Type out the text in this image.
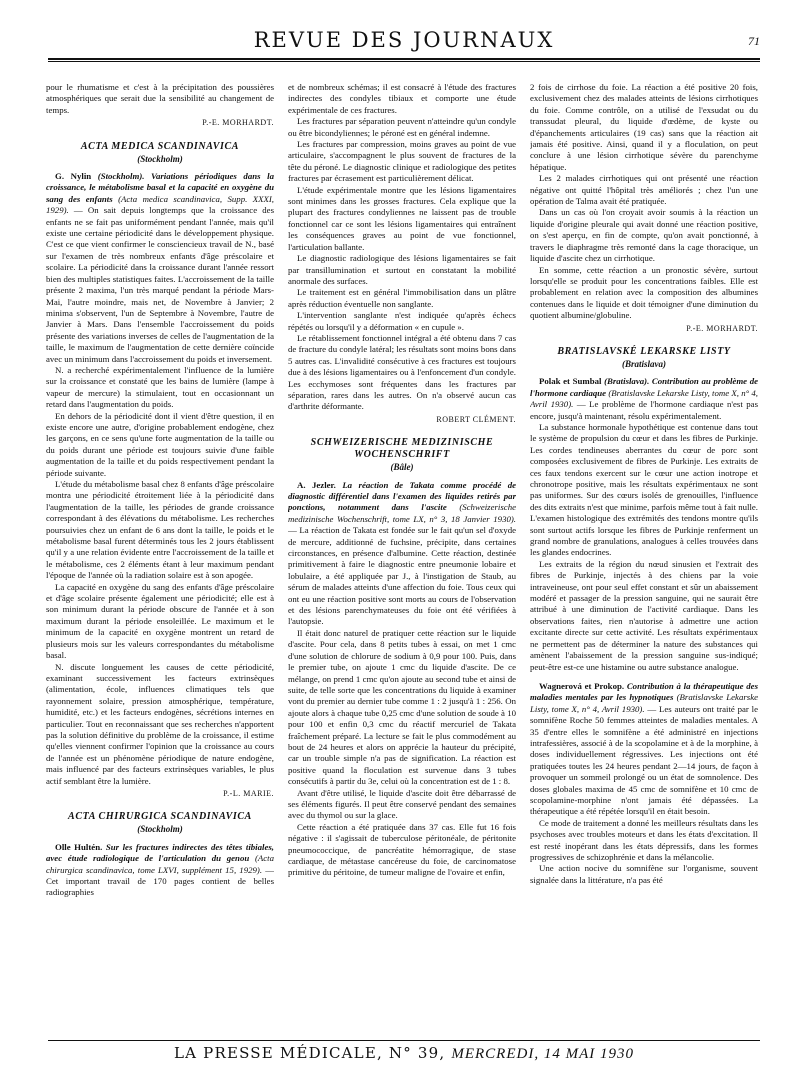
REVUE DES JOURNAUX	71

pour le rhumatisme et c'est à la précipitation des poussières atmosphériques que serait due la sensibilité au changement de temps.

P.-E. MORHARDT.
ACTA MEDICA SCANDINAVICA
(Stockholm)

G. Nylin (Stockholm). Variations périodiques dans la croissance, le métabolisme basal et la capacité en oxygène du sang des enfants (Acta medica scandinavica, Supp. XXXI, 1929). — On sait depuis longtemps que la croissance des enfants ne se fait pas uniformément pendant l'année, mais qu'il existe une certaine périodicité dans le développement physique. C'est ce que vient confirmer le consciencieux travail de N., basé sur l'examen de très nombreux enfants d'âge préscolaire et scolaire. La périodicité dans la croissance durant l'année ressort bien des multiples statistiques faites. L'accroissement de la taille présente 2 maxima, l'un très marqué pendant la période Mars-Mai, l'autre moindre, mais net, de Novembre à Janvier; 2 minima s'observent, l'un de Septembre à Novembre, l'autre de Janvier à Mars. Dans l'ensemble l'accroissement du poids présente des variations inverses de celles de l'augmentation de la taille, le maximum de l'augmentation de cette dernière coïncide avec un minimum dans l'accroissement du poids et inversement.

N. a recherché expérimentalement l'influence de la lumière sur la croissance et constaté que les bains de lumière (lampe à vapeur de mercure) la stimulaient, tout en occasionnant un retard dans l'augmentation du poids.

En dehors de la périodicité dont il vient d'être question, il en existe encore une autre, d'origine probablement endogène, chez les garçons, en ce sens qu'une forte augmentation de la taille ou du poids durant une période est toujours suivie d'une faible augmentation de la taille et du poids respectivement pendant la période suivante.

L'étude du métabolisme basal chez 8 enfants d'âge préscolaire montra une périodicité étroitement liée à la périodicité dans l'augmentation de la taille, les périodes de grande croissance correspondant à des élévations du métabolisme. Les recherches poursuivies chez un enfant de 6 ans dont la taille, le poids et le métabolisme basal furent déterminés tous les 2 jours établissent qu'il y a une relation évidente entre l'accroissement de la taille et le métabolisme, ces 2 éléments étant à leur maximum pendant l'époque de l'année où la radiation solaire est à son apogée.

La capacité en oxygène du sang des enfants d'âge préscolaire et d'âge scolaire présente également une périodicité; elle est à son minimum durant la période obscure de l'année et à son maximum durant la période ensoleillée. Le maximum et le minimum de la capacité en oxygène montrent un retard de plusieurs mois sur les valeurs correspondantes du métabolisme basal.

N. discute longuement les causes de cette périodicité, examinant successivement les facteurs extrinsèques (alimentation, école, influences climatiques tels que rayonnement solaire, pression atmosphérique, température, humidité, etc.) et les facteurs endogènes, sécrétions internes en particulier. Tout en reconnaissant que ses recherches n'apportent pas la solution définitive du problème de la croissance, il estime qu'elles viennent confirmer l'opinion que la croissance au cours de l'année est un phénomène périodique de nature endogène, mais influencé par des facteurs extrinsèques variables, le plus actif semblant être la lumière.

P.-L. MARIE.
ACTA CHIRURGICA SCANDINAVICA
(Stockholm)

Olle Hultén. Sur les fractures indirectes des têtes tibiales, avec étude radiologique de l'articulation du genou (Acta chirurgica scandinavica, tome LXVI, supplément 15, 1929). — Cet important travail de 170 pages contient de belles radiographies

et de nombreux schémas; il est consacré à l'étude des fractures indirectes des condyles tibiaux et comporte une étude expérimentale de ces fractures.

Les fractures par séparation peuvent n'atteindre qu'un condyle ou être bicondyliennes; le péroné est en général indemne.

Les fractures par compression, moins graves au point de vue articulaire, s'accompagnent le plus souvent de fractures de la tête du péroné. Le diagnostic clinique et radiologique des petites fractures par écrasement est particulièrement délicat.

L'étude expérimentale montre que les lésions ligamentaires sont minimes dans les grosses fractures. Cela explique que la plupart des fractures condyliennes ne laissent pas de trouble fonctionnel car ce sont les lésions ligamentaires qui entraînent les conséquences graves au point de vue fonctionnel, l'articulation ballante.

Le diagnostic radiologique des lésions ligamentaires se fait par transillumination et surtout en constatant la mobilité anormale des surfaces.

Le traitement est en général l'immobilisation dans un plâtre après réduction éventuelle non sanglante.

L'intervention sanglante n'est indiquée qu'après échecs répétés ou lorsqu'il y a déformation « en cupule ».

Le rétablissement fonctionnel intégral a été obtenu dans 7 cas de fracture du condyle latéral; les résultats sont moins bons dans 5 autres cas. L'invalidité consécutive à ces fractures est toujours due à des lésions ligamentaires ou à l'enfoncement d'un condyle. Les ecchymoses sont fréquentes dans les fractures par séparation, rares dans les autres. On n'a observé aucun cas d'arthrite déformante.

ROBERT CLÉMENT.
SCHWEIZERISCHE MEDIZINISCHE WOCHENSCHRIFT
(Bâle)

A. Jezler. La réaction de Takata comme procédé de diagnostic différentiel dans l'examen des liquides retirés par ponctions, notamment dans l'ascite (Schweizerische medizinische Wochenschrift, tome LX, n° 3, 18 Janvier 1930). — La réaction de Takata est fondée sur le fait qu'un sel d'oxyde de mercure, additionné de fuchsine, précipite, dans certaines circonstances, en présence d'albumine. Cette réaction, destinée primitivement à faire le diagnostic entre pneumonie lobaire et lobulaire, a été appliquée par J., à l'instigation de Staub, au sérum de malades atteints d'une affection du foie. Tous ceux qui ont eu une réaction positive sont morts au cours de l'observation et des lésions parenchymateuses du foie ont été vérifiées à l'autopsie.

Il était donc naturel de pratiquer cette réaction sur le liquide d'ascite. Pour cela, dans 8 petits tubes à essai, on met 1 cmc d'une solution de chlorure de sodium à 0,9 pour 100. Puis, dans le premier tube, on ajoute 1 cmc du liquide d'ascite. De ce mélange, on prend 1 cmc qu'on ajoute au second tube et ainsi de suite, de telle sorte que les concentrations du liquide à examiner vont du premier au dernier tube comme 1 : 2 jusqu'à 1 : 256. On ajoute alors à chaque tube 0,25 cmc d'une solution de soude à 10 pour 100 et enfin 0,3 cmc du réactif mercuriel de Takata fraîchement préparé. La lecture se fait le plus commodément au bout de 24 heures et alors on apprécie la hauteur du précipité, car un trouble simple n'a pas de signification. La réaction est positive quand la floculation est survenue dans 3 tubes consécutifs à partir du 3e, celui où la concentration est de 1 : 8.

Avant d'être utilisé, le liquide d'ascite doit être débarrassé de ses éléments figurés. Il peut être conservé pendant des semaines avec du thymol ou sur la glace.

Cette réaction a été pratiquée dans 37 cas. Elle fut 16 fois négative : il s'agissait de tuberculose péritonéale, de péritonite pneumococcique, de pancréatite hémorragique, de stase cardiaque, de métastase cancéreuse du foie, de carcinomatose primitive du péritoine, de tumeur maligne de l'ovaire et enfin,

2 fois de cirrhose du foie. La réaction a été positive 20 fois, exclusivement chez des malades atteints de lésions cirrhotiques du foie. Comme contrôle, on a utilisé de l'exsudat ou du transsudat pleural, du liquide d'œdème, de kyste ou d'épanchements articulaires (19 cas) sans que la réaction ait jamais été positive. Ainsi, quand il y a floculation, on peut conclure à une lésion cirrhotique sévère du parenchyme hépatique.

Les 2 malades cirrhotiques qui ont présenté une réaction négative ont quitté l'hôpital très améliorés ; chez l'un une opération de Talma avait été pratiquée.

Dans un cas où l'on croyait avoir soumis à la réaction un liquide d'origine pleurale qui avait donné une réaction positive, on s'est aperçu, en fin de compte, qu'on avait ponctionné, à travers le diaphragme très remonté dans la cage thoracique, un liquide d'ascite chez un cirrhotique.

En somme, cette réaction a un pronostic sévère, surtout lorsqu'elle se produit pour les concentrations faibles. Elle est probablement en relation avec la composition des albumines contenues dans le liquide et doit témoigner d'une diminution du quotient albumine/globuline.

P.-E. MORHARDT.
BRATISLAVSKÉ LEKARSKE LISTY
(Bratislava)

Polak et Sumbal (Bratislava). Contribution au problème de l'hormone cardiaque (Bratislavske Lekarske Listy, tome X, n° 4, Avril 1930). — Le problème de l'hormone cardiaque n'est pas encore, jusqu'à maintenant, résolu expérimentalement.

La substance hormonale hypothétique est contenue dans tout le système de propulsion du cœur et dans les fibres de Purkinje. Les cordes tendineuses aberrantes du cœur de porc sont composées exclusivement de fibres de Purkinje. Les extraits de ces faux tendons exercent sur le cœur une action inotrope et chronotrope positive, mais les résultats expérimentaux ne sont pas uniformes. Sur des cœurs isolés de grenouilles, l'influence des dits extraits n'est que minime, parfois même tout à fait nulle. L'examen histologique des extrémités des tendons montre qu'ils sont surtout actifs lorsque les fibres de Purkinje renferment un grand nombre de granulations, analogues à celles trouvées dans les glandes endocrines.

Les extraits de la région du nœud sinusien et l'extrait des fibres de Purkinje, injectés à des chiens par la voie intraveineuse, ont pour seul effet constant et sûr un abaissement modéré et passager de la pression sanguine, qui ne saurait être attribué à une diminution de l'activité cardiaque. Dans les observations faites, rien n'autorise à admettre une action excitante directe sur cette activité. Les résultats expérimentaux ne permettent pas de déterminer la nature des substances qui amènent l'abaissement de la pression sanguine sus-indiqué; peut-être est-ce une histamine ou autre substance analogue.

Wagnerová et Prokop. Contribution à la thérapeutique des maladies mentales par les hypnotiques (Bratislavske Lekarske Listy, tome X, n° 4, Avril 1930). — Les auteurs ont traité par le somnifène Roche 50 femmes atteintes de maladies mentales. A 35 d'entre elles le somnifène a été administré en injections intrafessières, associé à de la scopolamine et à de la morphine, à doses individuellement régressives. Les injections ont été pratiquées toutes les 24 heures pendant 2—14 jours, de façon à provoquer un sommeil prolongé ou un état de somnolence. Des doses globales maxima de 45 cmc de somnifène et 10 cmc de scopolamine-morphine n'ont jamais été dépassées. La thérapeutique a été répétée lorsqu'il en était besoin.

Ce mode de traitement a donné les meilleurs résultats dans les psychoses avec troubles moteurs et dans les états d'excitation. Il est resté inopérant dans les états dépressifs, dans les formes progressives de schizophrénie et dans la mélancolie.

Une action nocive du somnifène sur l'organisme, souvent signalée dans la littérature, n'a pas été

LA PRESSE MÉDICALE, N° 39, MERCREDI, 14 MAI 1930
